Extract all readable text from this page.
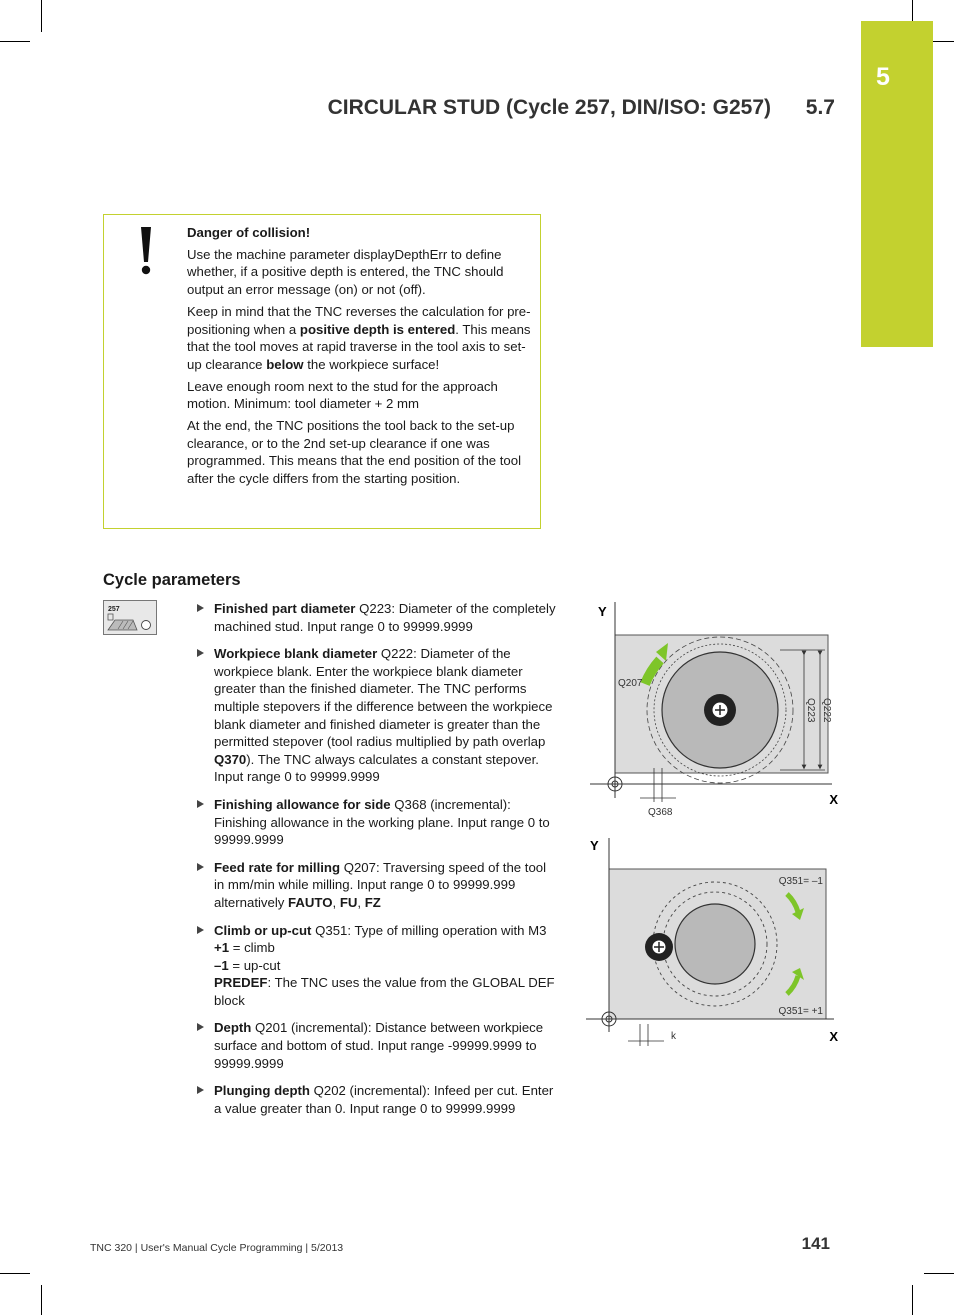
5
CIRCULAR STUD (Cycle 257, DIN/ISO: G257)	5.7

Danger of collision!

Use the machine parameter displayDepthErr to define whether, if a positive depth is entered, the TNC should output an error message (on) or not (off).

Keep in mind that the TNC reverses the calculation for pre-positioning when a positive depth is entered. This means that the tool moves at rapid traverse in the tool axis to set-up clearance below the workpiece surface!

Leave enough room next to the stud for the approach motion. Minimum: tool diameter + 2 mm

At the end, the TNC positions the tool back to the set-up clearance, or to the 2nd set-up clearance if one was programmed. This means that the end position of the tool after the cycle differs from the starting position.

Cycle parameters
257	Finished part diameter Q223: Diameter of the completely machined stud. Input range 0 to 99999.9999
Workpiece blank diameter Q222: Diameter of the workpiece blank. Enter the workpiece blank diameter greater than the finished diameter. The TNC performs multiple stepovers if the difference between the workpiece blank diameter and finished diameter is greater than the permitted stepover (tool radius multiplied by path overlap Q370). The TNC always calculates a constant stepover. Input range 0 to 99999.9999
Finishing allowance for side Q368 (incremental): Finishing allowance in the working plane. Input range 0 to 99999.9999
Feed rate for milling Q207: Traversing speed of the tool in mm/min while milling. Input range 0 to 99999.999 alternatively FAUTO, FU, FZ
Climb or up-cut Q351: Type of milling operation with M3
+1 = climb
–1 = up-cut
PREDEF: The TNC uses the value from the GLOBAL DEF block
Depth Q201 (incremental): Distance between workpiece surface and bottom of stud. Input range -99999.9999 to 99999.9999
Plunging depth Q202 (incremental): Infeed per cut. Enter a value greater than 0. Input range 0 to 99999.9999
Y
X
Q207
Q223 Q222
Q368
Y
X
Q351= –1
Q351= +1
k
TNC 320 | User's Manual Cycle Programming | 5/2013	141
